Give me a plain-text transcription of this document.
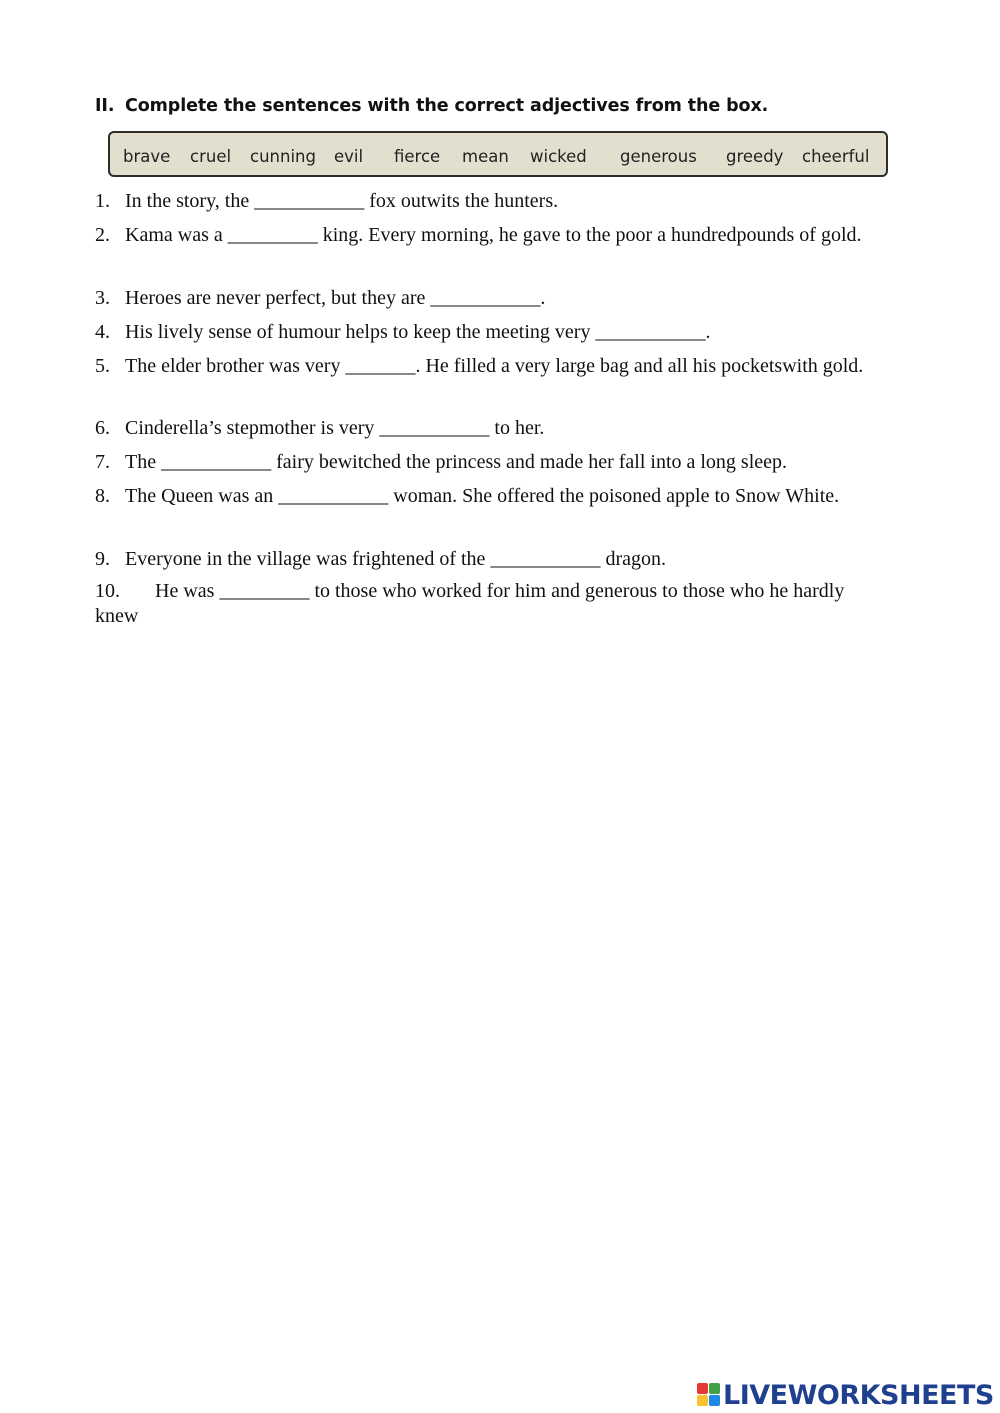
II. Complete the sentences with the correct adjectives from the box.
brave cruel cunning evil fierce mean wicked generous greedy cheerful
1. In the story, the ___________ fox outwits the hunters.
2. Kama was a _________ king. Every morning, he gave to the poor a hundredpounds of gold.
3. Heroes are never perfect, but they are ___________.
4. His lively sense of humour helps to keep the meeting very ___________.
5. The elder brother was very _______. He filled a very large bag and all his pocketswith gold.
6. Cinderella’s stepmother is very ___________ to her.
7. The ___________ fairy bewitched the princess and made her fall into a long sleep.
8. The Queen was an ___________ woman. She offered the poisoned apple to Snow White.
9. Everyone in the village was frightened of the ___________ dragon.
10. He was _________ to those who worked for him and generous to those who he hardly knew
LIVEWORKSHEETS
